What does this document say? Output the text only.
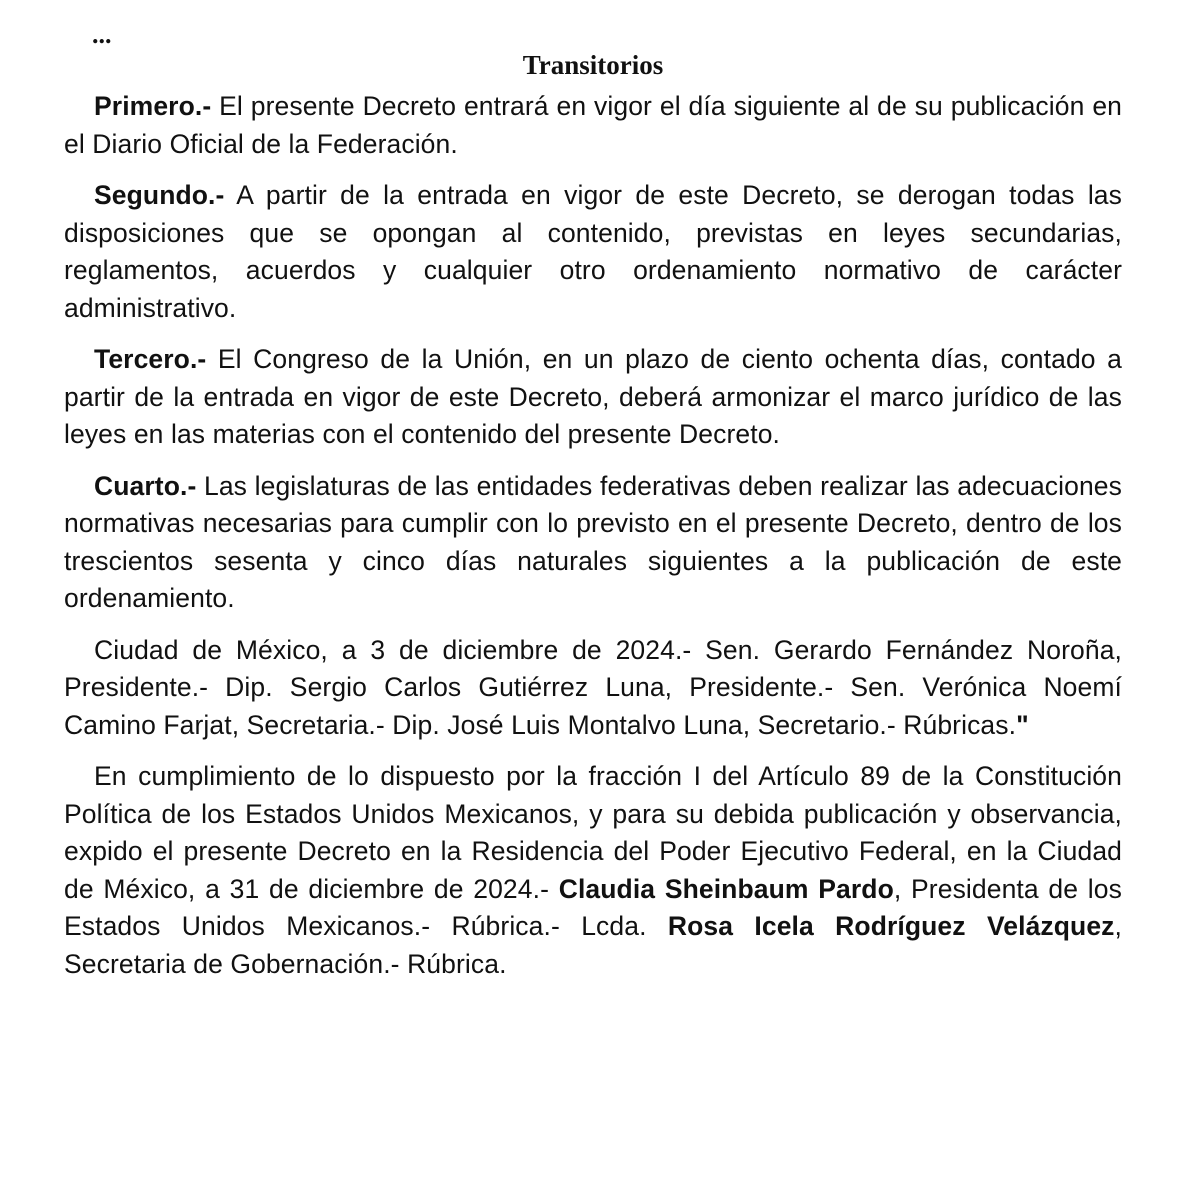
...
Transitorios

Primero.- El presente Decreto entrará en vigor el día siguiente al de su publicación en el Diario Oficial de la Federación.

Segundo.- A partir de la entrada en vigor de este Decreto, se derogan todas las disposiciones que se opongan al contenido, previstas en leyes secundarias, reglamentos, acuerdos y cualquier otro ordenamiento normativo de carácter administrativo.

Tercero.- El Congreso de la Unión, en un plazo de ciento ochenta días, contado a partir de la entrada en vigor de este Decreto, deberá armonizar el marco jurídico de las leyes en las materias con el contenido del presente Decreto.

Cuarto.- Las legislaturas de las entidades federativas deben realizar las adecuaciones normativas necesarias para cumplir con lo previsto en el presente Decreto, dentro de los trescientos sesenta y cinco días naturales siguientes a la publicación de este ordenamiento.

Ciudad de México, a 3 de diciembre de 2024.- Sen. Gerardo Fernández Noroña, Presidente.- Dip. Sergio Carlos Gutiérrez Luna, Presidente.- Sen. Verónica Noemí Camino Farjat, Secretaria.- Dip. José Luis Montalvo Luna, Secretario.- Rúbricas."

En cumplimiento de lo dispuesto por la fracción I del Artículo 89 de la Constitución Política de los Estados Unidos Mexicanos, y para su debida publicación y observancia, expido el presente Decreto en la Residencia del Poder Ejecutivo Federal, en la Ciudad de México, a 31 de diciembre de 2024.- Claudia Sheinbaum Pardo, Presidenta de los Estados Unidos Mexicanos.- Rúbrica.- Lcda. Rosa Icela Rodríguez Velázquez, Secretaria de Gobernación.- Rúbrica.
